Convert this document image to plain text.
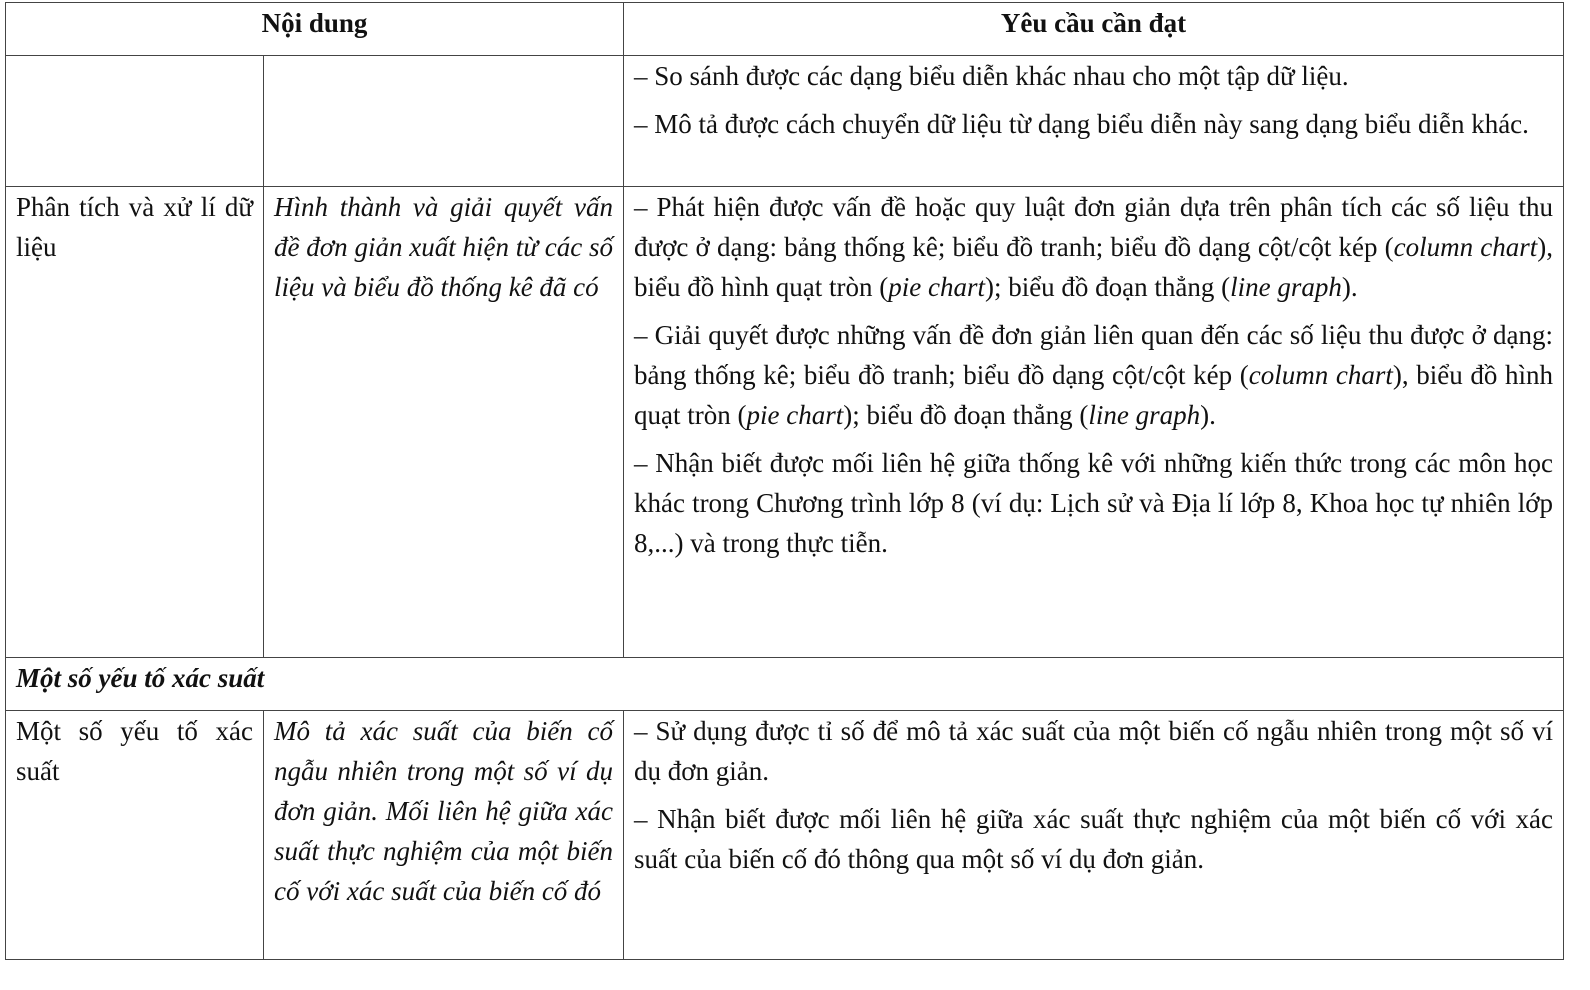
Nội dung		Yêu cầu cần đạt

		– So sánh được các dạng biểu diễn khác nhau cho một tập dữ liệu.

– Mô tả được cách chuyển dữ liệu từ dạng biểu diễn này sang dạng biểu diễn khác.

Phân tích và xử lí dữ liệu	Hình thành và giải quyết vấn đề đơn giản xuất hiện từ các số liệu và biểu đồ thống kê đã có	– Phát hiện được vấn đề hoặc quy luật đơn giản dựa trên phân tích các số liệu thu được ở dạng: bảng thống kê; biểu đồ tranh; biểu đồ dạng cột/cột kép (column chart), biểu đồ hình quạt tròn (pie chart); biểu đồ đoạn thẳng (line graph).

– Giải quyết được những vấn đề đơn giản liên quan đến các số liệu thu được ở dạng: bảng thống kê; biểu đồ tranh; biểu đồ dạng cột/cột kép (column chart), biểu đồ hình quạt tròn (pie chart); biểu đồ đoạn thẳng (line graph).

– Nhận biết được mối liên hệ giữa thống kê với những kiến thức trong các môn học khác trong Chương trình lớp 8 (ví dụ: Lịch sử và Địa lí lớp 8, Khoa học tự nhiên lớp 8,...) và trong thực tiễn.

Một số yếu tố xác suất		
Một số yếu tố xác suất	Mô tả xác suất của biến cố ngẫu nhiên trong một số ví dụ đơn giản. Mối liên hệ giữa xác suất thực nghiệm của một biến cố với xác suất của biến cố đó	– Sử dụng được tỉ số để mô tả xác suất của một biến cố ngẫu nhiên trong một số ví dụ đơn giản.

– Nhận biết được mối liên hệ giữa xác suất thực nghiệm của một biến cố với xác suất của biến cố đó thông qua một số ví dụ đơn giản.
